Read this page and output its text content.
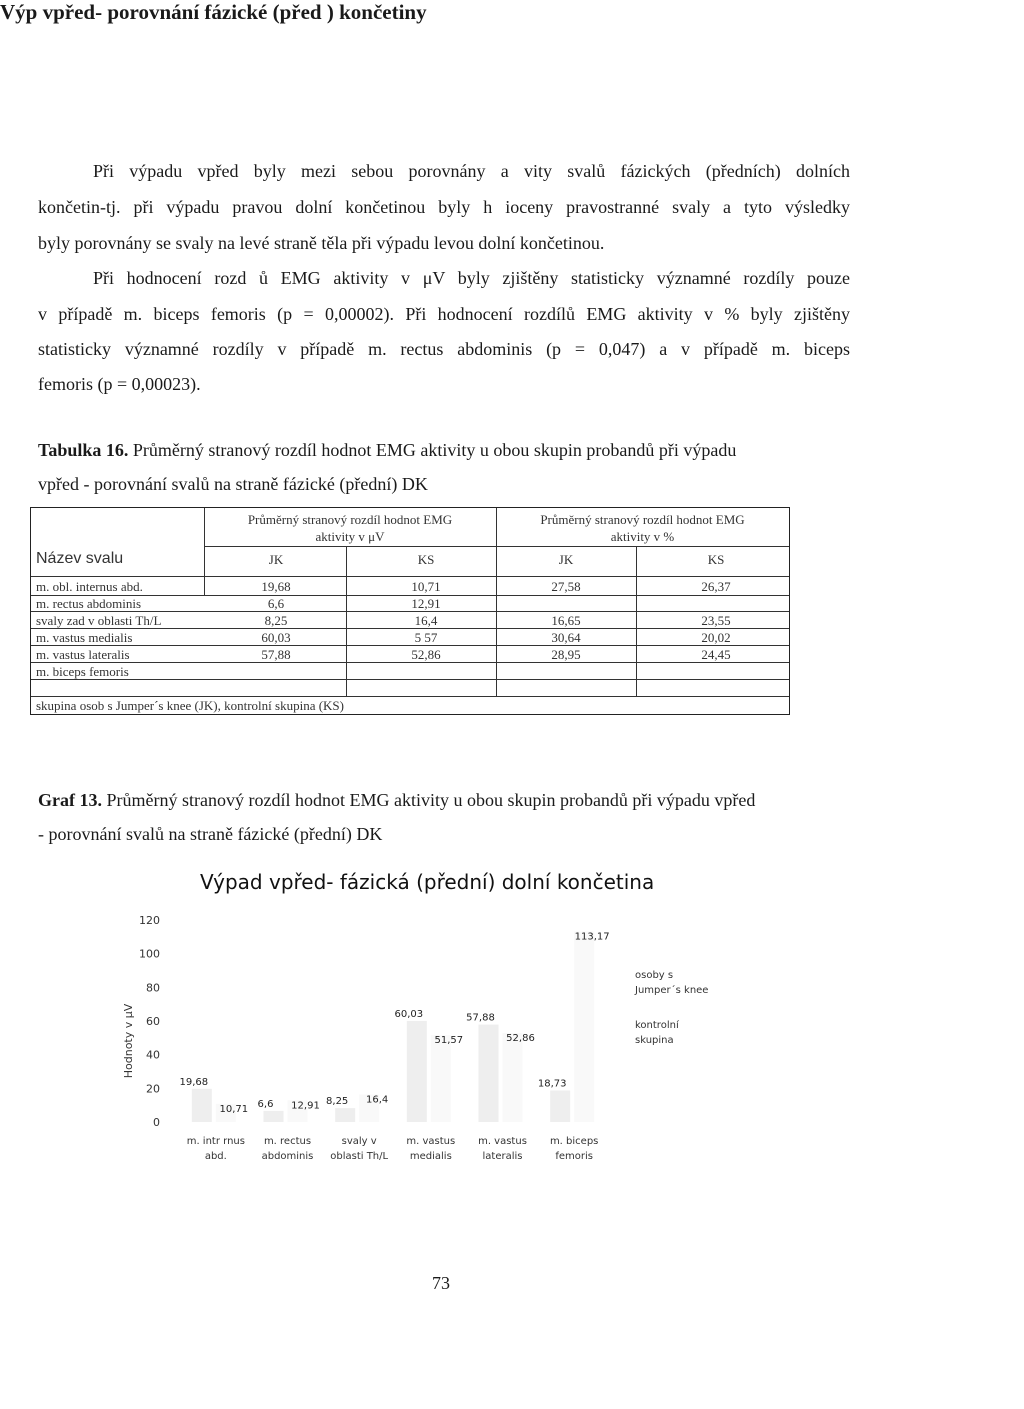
Výp vpřed- porovnání fázické (před ) končetiny
Při výpadu vpřed byly mezi sebou porovnány a vity svalů fázických (předních) dolních
končetin-tj. při výpadu pravou dolní končetinou byly h ioceny pravostranné svaly a tyto výsledky
byly porovnány se svaly na levé straně těla při výpadu levou dolní končetinou.
Při hodnocení rozd ů EMG aktivity v μV byly zjištěny statisticky významné rozdíly pouze
v případě m. biceps femoris (p = 0,00002). Při hodnocení rozdílů EMG aktivity v % byly zjištěny
statisticky významné rozdíly v případě m. rectus abdominis (p = 0,047) a v případě m. biceps
femoris (p = 0,00023).
Tabulka 16. Průměrný stranový rozdíl hodnot EMG aktivity u obou skupin probandů při výpadu
vpřed - porovnání svalů na straně fázické (přední) DK
Průměrný stranový rozdíl hodnot EMG
aktivity v μV
Průměrný stranový rozdíl hodnot EMG
aktivity v %
Název svalu	JK	KS	JK	KS
m. obl. internus abd.	19,68	10,71	27,58	26,37
m. rectus abdominis	6,6	12,91
svaly zad v oblasti Th/L	8,25	16,4	16,65	23,55
m. vastus medialis	60,03	5 57	30,64	20,02
m. vastus lateralis	57,88	52,86	28,95	24,45
m. biceps femoris
skupina osob s Jumper´s knee (JK), kontrolní skupina (KS)
Graf 13. Průměrný stranový rozdíl hodnot EMG aktivity u obou skupin probandů při výpadu vpřed
- porovnání svalů na straně fázické (přední) DK
Výpad vpřed- fázická (přední) dolní končetina
0
20
40
60
80
100
120
Hodnoty v μV
19,68
6,6	8,25
60,03	57,88
18,73
10,71	12,91
16,4
51,57	52,86
113,17
m. intr rnus
abd.
m. rectus
abdominis
svaly v
oblasti Th/L
m. vastus
medialis
m. vastus
lateralis
m. biceps
femoris
osoby s
Jumper´s knee
kontrolní
skupina
73
